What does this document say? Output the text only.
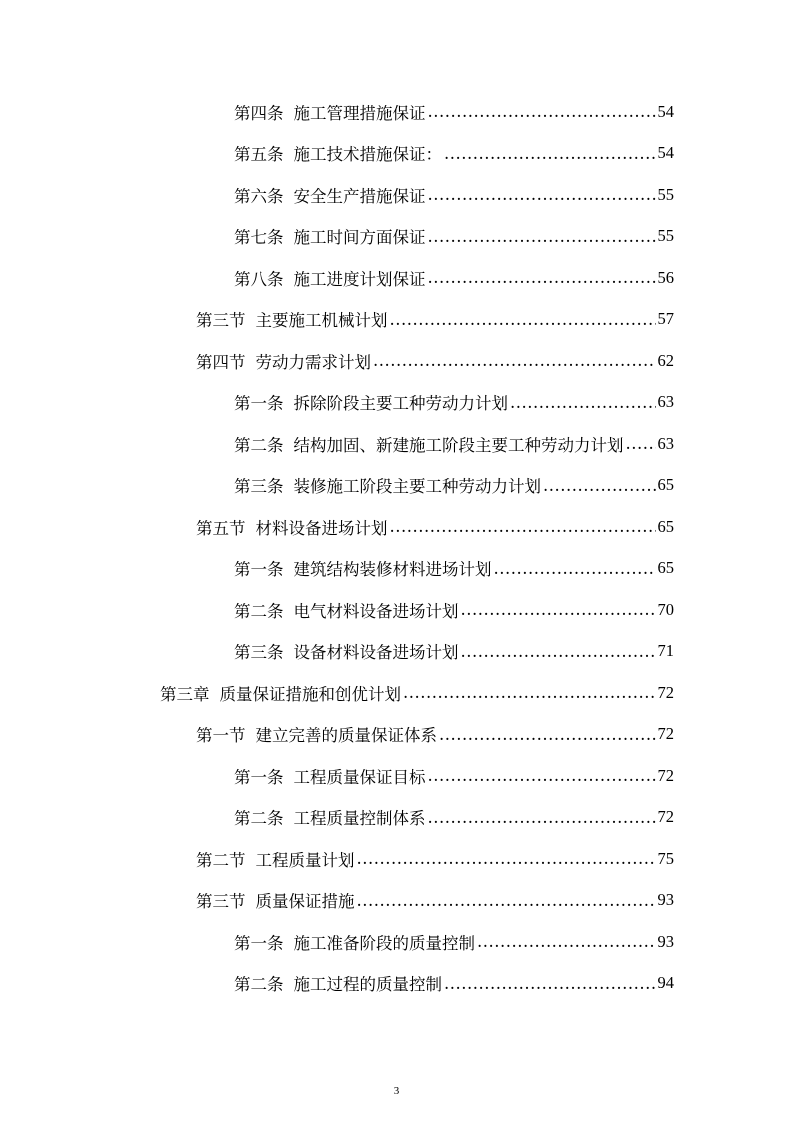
第四条 施工管理措施保证 .....	54
第五条 施工技术措施保证： .....	54
第六条 安全生产措施保证 .....	55
第七条 施工时间方面保证 .....	55
第八条 施工进度计划保证 .....	56
第三节 主要施工机械计划 .....	57
第四节 劳动力需求计划 .....	62
第一条 拆除阶段主要工种劳动力计划 .....	63
第二条 结构加固、新建施工阶段主要工种劳动力计划 ..... 63
第三条 装修施工阶段主要工种劳动力计划 .....	65
第五节 材料设备进场计划 .....	65
第一条 建筑结构装修材料进场计划 .....	65
第二条 电气材料设备进场计划 .....	70
第三条 设备材料设备进场计划 .....	71
第三章 质量保证措施和创优计划 .....	72
第一节 建立完善的质量保证体系 .....	72
第一条 工程质量保证目标 .....	72
第二条 工程质量控制体系 .....	72
第二节 工程质量计划 .....	75
第三节 质量保证措施 .....	93
第一条 施工准备阶段的质量控制 .....	93
第二条 施工过程的质量控制 .....	94
3
